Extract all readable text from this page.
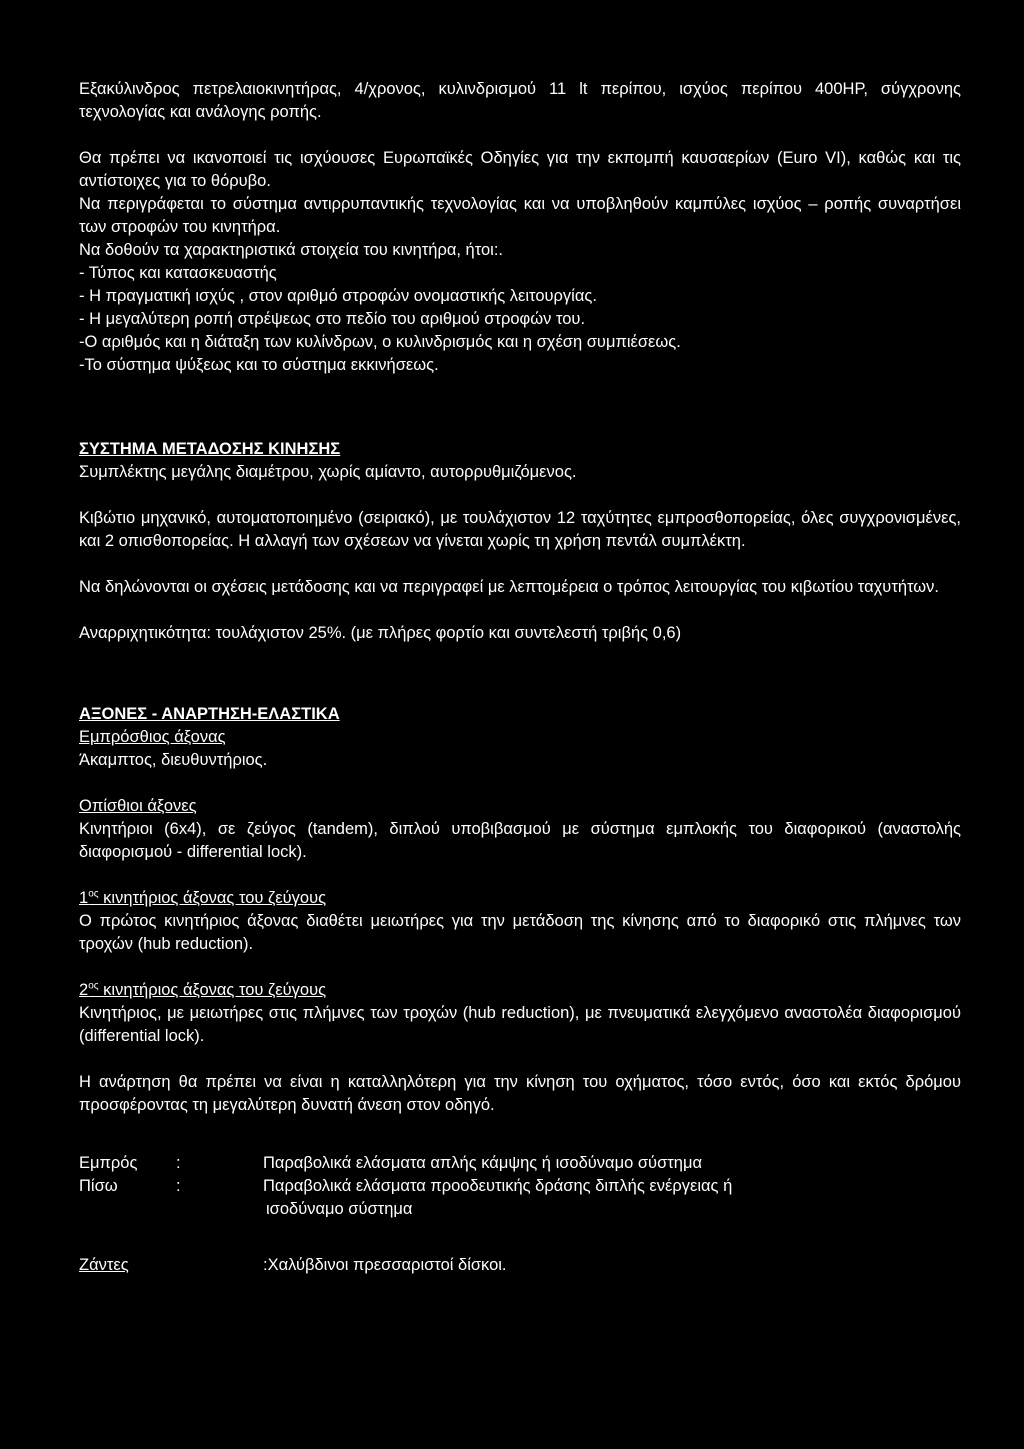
Εξακύλινδρος πετρελαιοκινητήρας, 4/χρονος, κυλινδρισμού 11 lt περίπου, ισχύος περίπου 400HP, σύγχρονης τεχνολογίας και ανάλογης ροπής.

Θα πρέπει να ικανοποιεί τις ισχύουσες Ευρωπαϊκές Οδηγίες για την εκπομπή καυσαερίων (Euro VI), καθώς και τις αντίστοιχες για το θόρυβο.

Να περιγράφεται το σύστημα αντιρρυπαντικής τεχνολογίας και να υποβληθούν καμπύλες ισχύος – ροπής συναρτήσει των στροφών του κινητήρα.

Να δοθούν τα χαρακτηριστικά στοιχεία του κινητήρα, ήτοι:.

- Τύπος και κατασκευαστής

- Η πραγματική ισχύς , στον αριθμό στροφών ονομαστικής λειτουργίας.

- Η μεγαλύτερη ροπή στρέψεως στο πεδίο του αριθμού στροφών του.

-Ο αριθμός και η διάταξη των κυλίνδρων, ο κυλινδρισμός και η σχέση συμπιέσεως.

-Το σύστημα ψύξεως και το σύστημα εκκινήσεως.

ΣΥΣΤΗΜΑ ΜΕΤΑΔΟΣΗΣ ΚΙΝΗΣΗΣ

Συμπλέκτης μεγάλης διαμέτρου, χωρίς αμίαντο, αυτορρυθμιζόμενος.

Κιβώτιο μηχανικό, αυτοματοποιημένο (σειριακό), με τουλάχιστον 12 ταχύτητες εμπροσθοπορείας, όλες συγχρονισμένες, και 2 οπισθοπορείας. Η αλλαγή των σχέσεων να γίνεται χωρίς τη χρήση πεντάλ συμπλέκτη.

Να δηλώνονται οι σχέσεις μετάδοσης και να περιγραφεί με λεπτομέρεια ο τρόπος λειτουργίας του κιβωτίου ταχυτήτων.

Αναρριχητικότητα: τουλάχιστον 25%. (με πλήρες φορτίο και συντελεστή τριβής 0,6)

ΑΞΟΝΕΣ - ΑΝΑΡΤΗΣΗ-ΕΛΑΣΤΙΚΑ

Εμπρόσθιος άξονας

Άκαμπτος, διευθυντήριος.

Οπίσθιοι άξονες

Κινητήριοι (6x4), σε ζεύγος (tandem), διπλού υποβιβασμού με σύστημα εμπλοκής του διαφορικού (αναστολής διαφορισμού - differential lock).

$1^{o\varsigma}$ κινητήριος άξονας του ζεύγους

Ο πρώτος κινητήριος άξονας διαθέτει μειωτήρες για την μετάδοση της κίνησης από το διαφορικό στις πλήμνες των τροχών (hub reduction).

$2^{o\varsigma}$ κινητήριος άξονας του ζεύγους

Κινητήριος, με μειωτήρες στις πλήμνες των τροχών (hub reduction), με πνευματικά ελεγχόμενο αναστολέα διαφορισμού (differential lock).

Η ανάρτηση θα πρέπει να είναι η καταλληλότερη για την κίνηση του οχήματος, τόσο εντός, όσο και εκτός δρόμου προσφέροντας τη μεγαλύτερη δυνατή άνεση στον οδηγό.

Εμπρός	:	Παραβολικά ελάσματα απλής κάμψης ή ισοδύναμο σύστημα
Πίσω	:	Παραβολικά ελάσματα προοδευτικής δράσης διπλής ενέργειας ή
ισοδύναμο σύστημα
Ζάντες	:Χαλύβδινοι πρεσσαριστοί δίσκοι.
